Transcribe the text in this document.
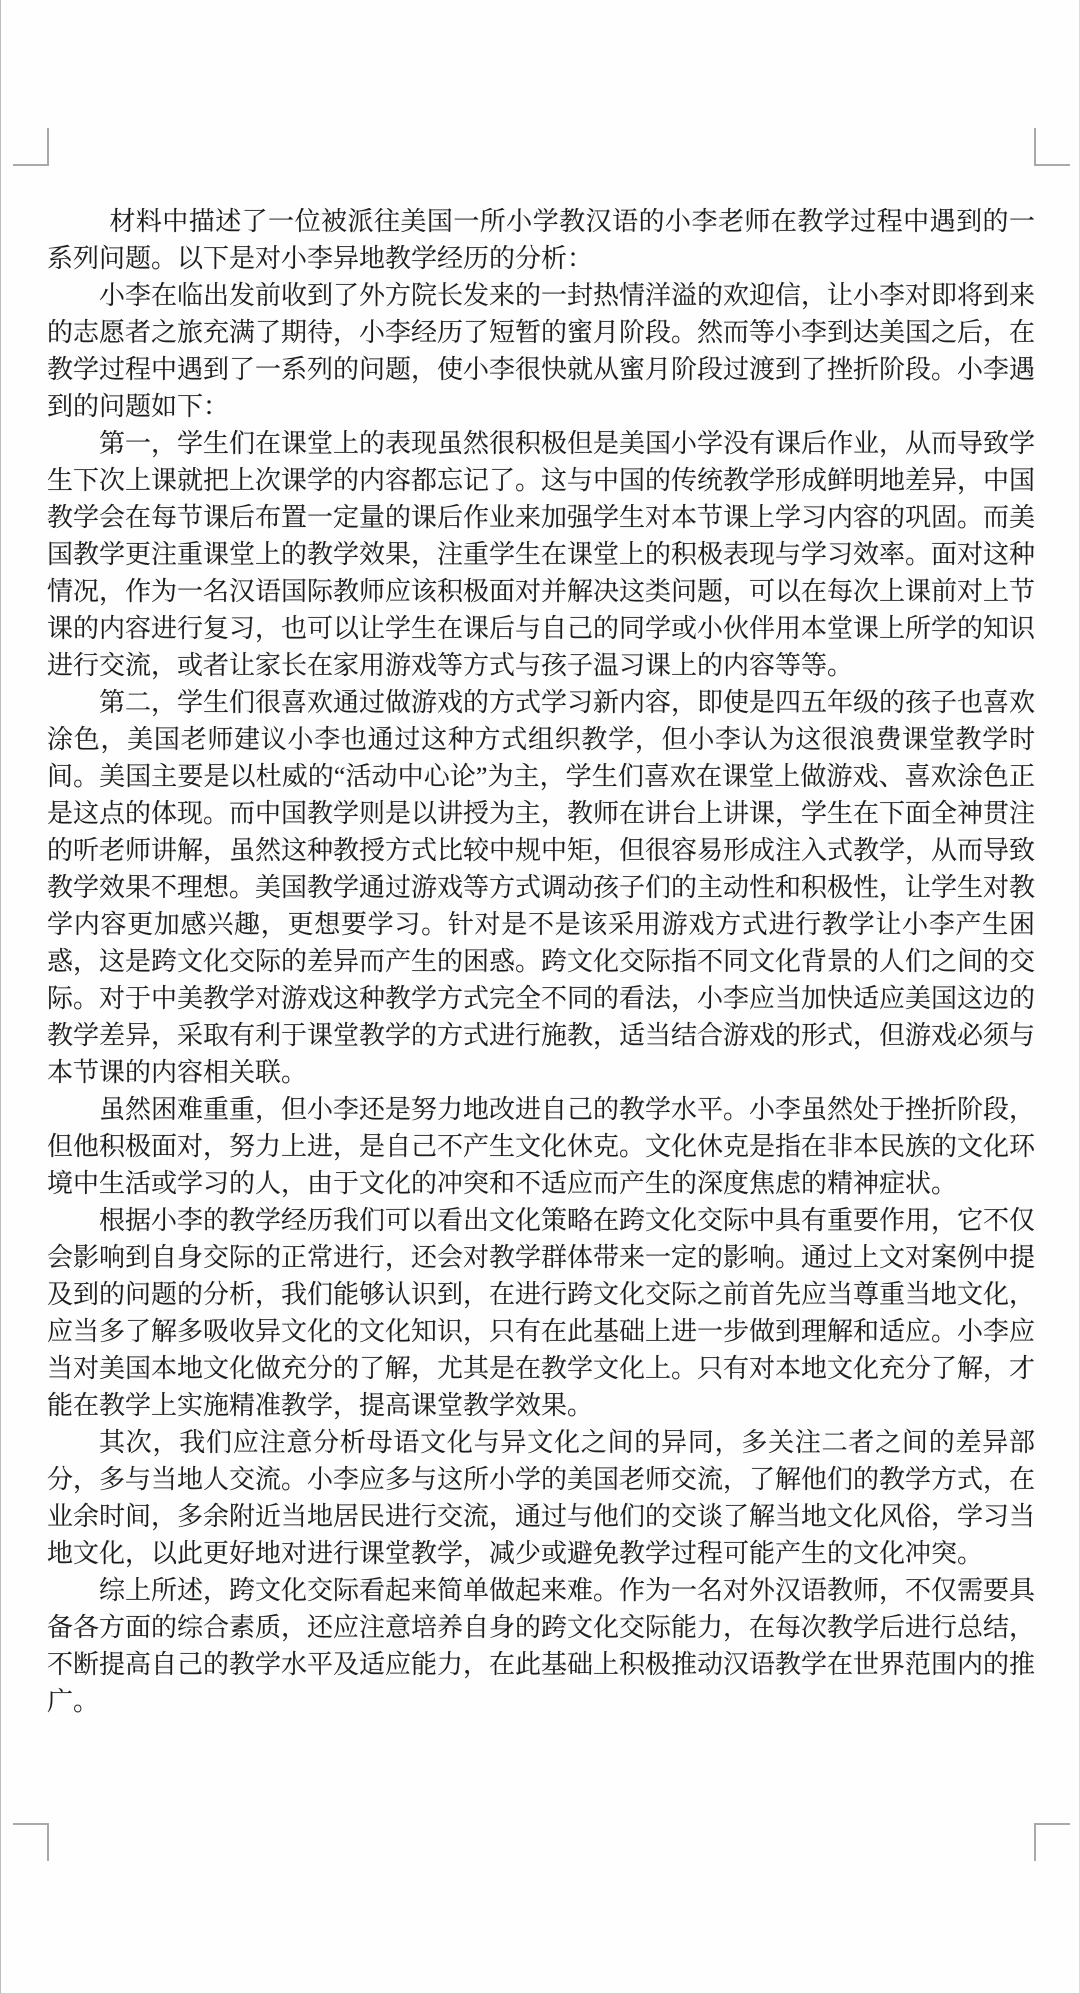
材料中描述了一位被派往美国一所小学教汉语的小李老师在教学过程中遇到的一系列问题。以下是对小李异地教学经历的分析：

小李在临出发前收到了外方院长发来的一封热情洋溢的欢迎信，让小李对即将到来的志愿者之旅充满了期待，小李经历了短暂的蜜月阶段。然而等小李到达美国之后，在教学过程中遇到了一系列的问题，使小李很快就从蜜月阶段过渡到了挫折阶段。小李遇到的问题如下：

第一，学生们在课堂上的表现虽然很积极但是美国小学没有课后作业，从而导致学生下次上课就把上次课学的内容都忘记了。这与中国的传统教学形成鲜明地差异，中国教学会在每节课后布置一定量的课后作业来加强学生对本节课上学习内容的巩固。而美国教学更注重课堂上的教学效果，注重学生在课堂上的积极表现与学习效率。面对这种情况，作为一名汉语国际教师应该积极面对并解决这类问题，可以在每次上课前对上节课的内容进行复习，也可以让学生在课后与自己的同学或小伙伴用本堂课上所学的知识进行交流，或者让家长在家用游戏等方式与孩子温习课上的内容等等。

第二，学生们很喜欢通过做游戏的方式学习新内容，即使是四五年级的孩子也喜欢涂色，美国老师建议小李也通过这种方式组织教学，但小李认为这很浪费课堂教学时间。美国主要是以杜威的“活动中心论”为主，学生们喜欢在课堂上做游戏、喜欢涂色正是这点的体现。而中国教学则是以讲授为主，教师在讲台上讲课，学生在下面全神贯注的听老师讲解，虽然这种教授方式比较中规中矩，但很容易形成注入式教学，从而导致教学效果不理想。美国教学通过游戏等方式调动孩子们的主动性和积极性，让学生对教学内容更加感兴趣，更想要学习。针对是不是该采用游戏方式进行教学让小李产生困惑，这是跨文化交际的差异而产生的困惑。跨文化交际指不同文化背景的人们之间的交际。对于中美教学对游戏这种教学方式完全不同的看法，小李应当加快适应美国这边的教学差异，采取有利于课堂教学的方式进行施教，适当结合游戏的形式，但游戏必须与本节课的内容相关联。

虽然困难重重，但小李还是努力地改进自己的教学水平。小李虽然处于挫折阶段，但他积极面对，努力上进，是自己不产生文化休克。文化休克是指在非本民族的文化环境中生活或学习的人，由于文化的冲突和不适应而产生的深度焦虑的精神症状。

根据小李的教学经历我们可以看出文化策略在跨文化交际中具有重要作用，它不仅会影响到自身交际的正常进行，还会对教学群体带来一定的影响。通过上文对案例中提及到的问题的分析，我们能够认识到，在进行跨文化交际之前首先应当尊重当地文化，应当多了解多吸收异文化的文化知识，只有在此基础上进一步做到理解和适应。小李应当对美国本地文化做充分的了解，尤其是在教学文化上。只有对本地文化充分了解，才能在教学上实施精准教学，提高课堂教学效果。

其次，我们应注意分析母语文化与异文化之间的异同，多关注二者之间的差异部分，多与当地人交流。小李应多与这所小学的美国老师交流，了解他们的教学方式，在业余时间，多余附近当地居民进行交流，通过与他们的交谈了解当地文化风俗，学习当地文化，以此更好地对进行课堂教学，减少或避免教学过程可能产生的文化冲突。

综上所述，跨文化交际看起来简单做起来难。作为一名对外汉语教师，不仅需要具备各方面的综合素质，还应注意培养自身的跨文化交际能力，在每次教学后进行总结，不断提高自己的教学水平及适应能力，在此基础上积极推动汉语教学在世界范围内的推广。
